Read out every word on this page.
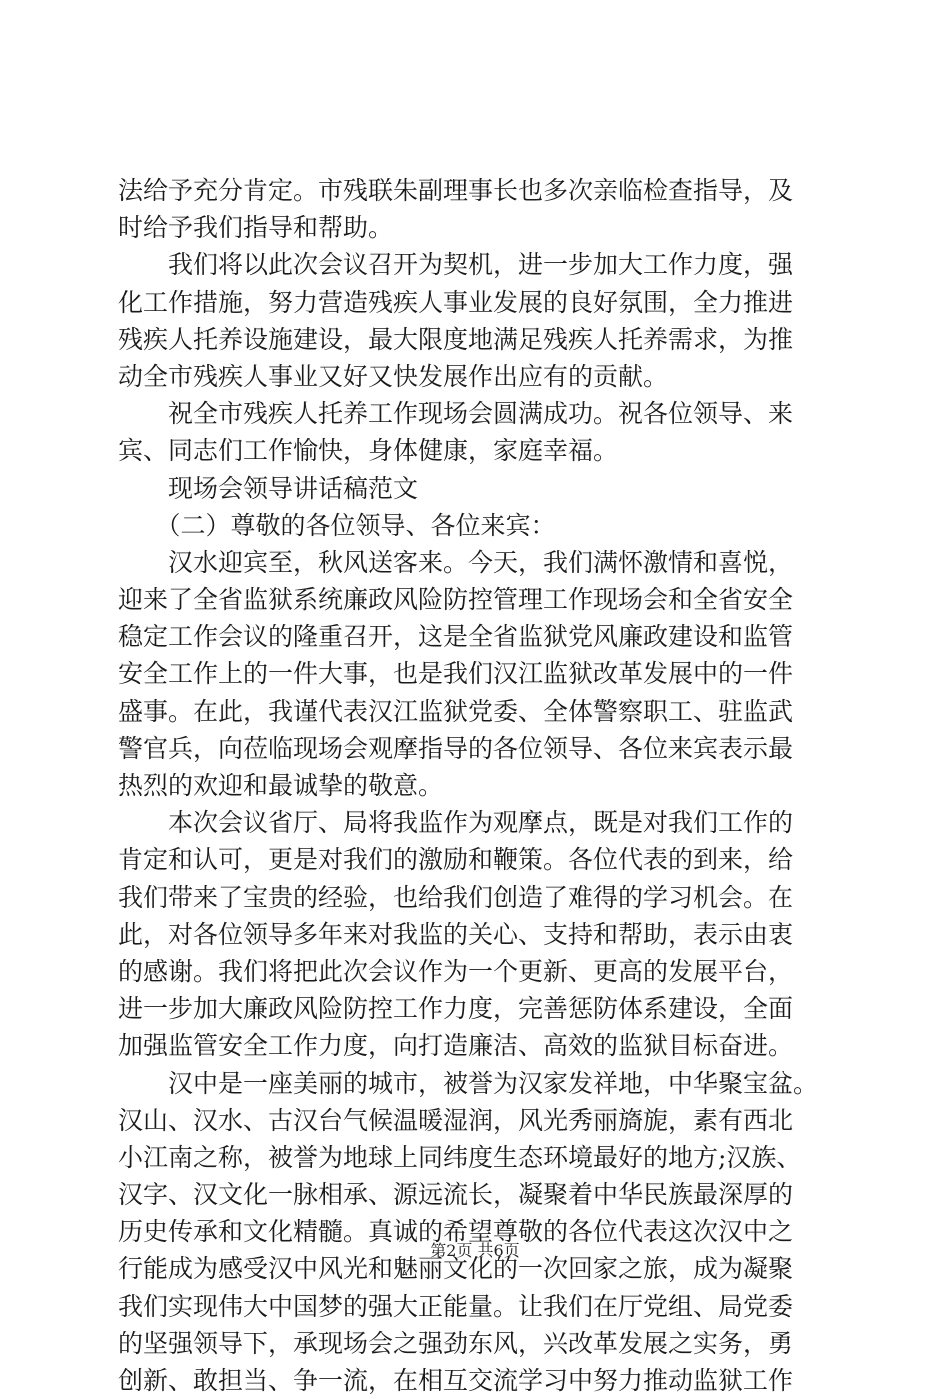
法给予充分肯定。市残联朱副理事长也多次亲临检查指导，及
时给予我们指导和帮助。
　　我们将以此次会议召开为契机，进一步加大工作力度，强
化工作措施，努力营造残疾人事业发展的良好氛围，全力推进
残疾人托养设施建设，最大限度地满足残疾人托养需求，为推
动全市残疾人事业又好又快发展作出应有的贡献。
　　祝全市残疾人托养工作现场会圆满成功。祝各位领导、来
宾、同志们工作愉快，身体健康，家庭幸福。
　　现场会领导讲话稿范文
　　（二）尊敬的各位领导、各位来宾：
　　汉水迎宾至，秋风送客来。今天，我们满怀激情和喜悦，
迎来了全省监狱系统廉政风险防控管理工作现场会和全省安全
稳定工作会议的隆重召开，这是全省监狱党风廉政建设和监管
安全工作上的一件大事，也是我们汉江监狱改革发展中的一件
盛事。在此，我谨代表汉江监狱党委、全体警察职工、驻监武
警官兵，向莅临现场会观摩指导的各位领导、各位来宾表示最
热烈的欢迎和最诚挚的敬意。
　　本次会议省厅、局将我监作为观摩点，既是对我们工作的
肯定和认可，更是对我们的激励和鞭策。各位代表的到来，给
我们带来了宝贵的经验，也给我们创造了难得的学习机会。在
此，对各位领导多年来对我监的关心、支持和帮助，表示由衷
的感谢。我们将把此次会议作为一个更新、更高的发展平台，
进一步加大廉政风险防控工作力度，完善惩防体系建设，全面
加强监管安全工作力度，向打造廉洁、高效的监狱目标奋进。
　　汉中是一座美丽的城市，被誉为汉家发祥地，中华聚宝盆。
汉山、汉水、古汉台气候温暖湿润，风光秀丽旖旎，素有西北
小江南之称，被誉为地球上同纬度生态环境最好的地方;汉族、
汉字、汉文化一脉相承、源远流长，凝聚着中华民族最深厚的
历史传承和文化精髓。真诚的希望尊敬的各位代表这次汉中之
行能成为感受汉中风光和魅丽文化的一次回家之旅，成为凝聚
我们实现伟大中国梦的强大正能量。让我们在厅党组、局党委
的坚强领导下，承现场会之强劲东风，兴改革发展之实务，勇
创新、敢担当、争一流，在相互交流学习中努力推动监狱工作
第2页 共6页
